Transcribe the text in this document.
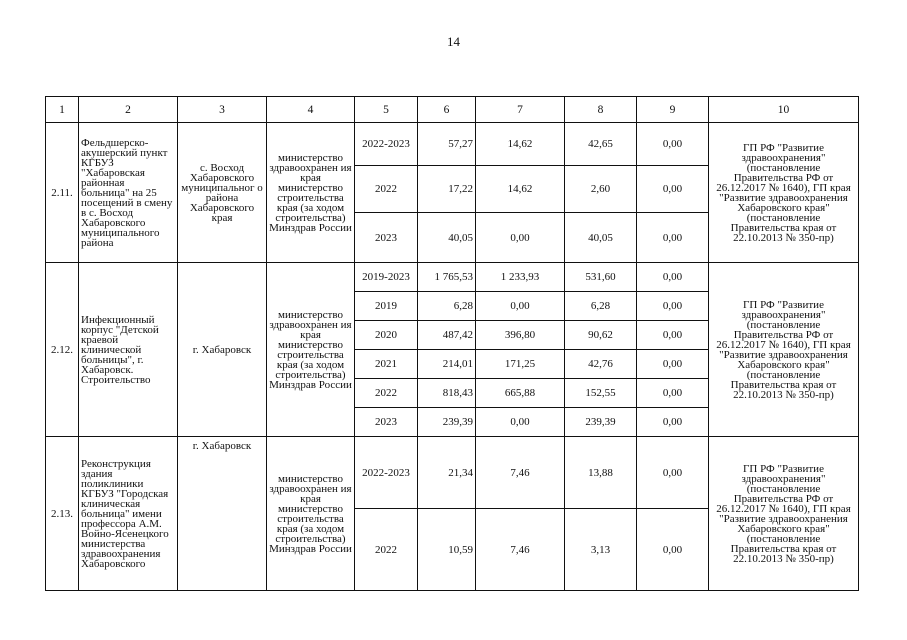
14
1	2	3	4	5	6	7	8	9	10
2.11.	Фельдшерско-акушерский пункт КГБУЗ "Хабаровская районная больница" на 25 посещений в смену в с. Восход Хабаровского муниципального района	с. Восход Хабаровского муниципальног о района Хабаровского края	министерство здравоохранен ия края министерство строительства края (за ходом строительства) Минздрав России	2022-2023	57,27	14,62	42,65	0,00	ГП РФ "Развитие здравоохранения" (постановление Правительства РФ от 26.12.2017 № 1640), ГП края "Развитие здравоохранения Хабаровского края" (постановление Правительства края от 22.10.2013 № 350-пр)
				2022	17,22	14,62	2,60	0,00	
				2023	40,05	0,00	40,05	0,00	
2.12.	Инфекционный корпус "Детской краевой клинической больницы", г. Хабаровск. Строительство	г. Хабаровск	министерство здравоохранен ия края министерство строительства края (за ходом строительства) Минздрав России	2019-2023	1 765,53	1 233,93	531,60	0,00	ГП РФ "Развитие здравоохранения" (постановление Правительства РФ от 26.12.2017 № 1640), ГП края "Развитие здравоохранения Хабаровского края" (постановление Правительства края от 22.10.2013 № 350-пр)
				2019	6,28	0,00	6,28	0,00	
				2020	487,42	396,80	90,62	0,00	
				2021	214,01	171,25	42,76	0,00	
				2022	818,43	665,88	152,55	0,00	
				2023	239,39	0,00	239,39	0,00	
2.13.	Реконструкция здания поликлиники КГБУЗ "Городская клиническая больница" имени профессора А.М. Войно-Ясенецкого министерства здравоохранения Хабаровского	г. Хабаровск	министерство здравоохранен ия края министерство строительства края (за ходом строительства) Минздрав России	2022-2023	21,34	7,46	13,88	0,00	ГП РФ "Развитие здравоохранения" (постановление Правительства РФ от 26.12.2017 № 1640), ГП края "Развитие здравоохранения Хабаровского края" (постановление Правительства края от 22.10.2013 № 350-пр)
				2022	10,59	7,46	3,13	0,00	
